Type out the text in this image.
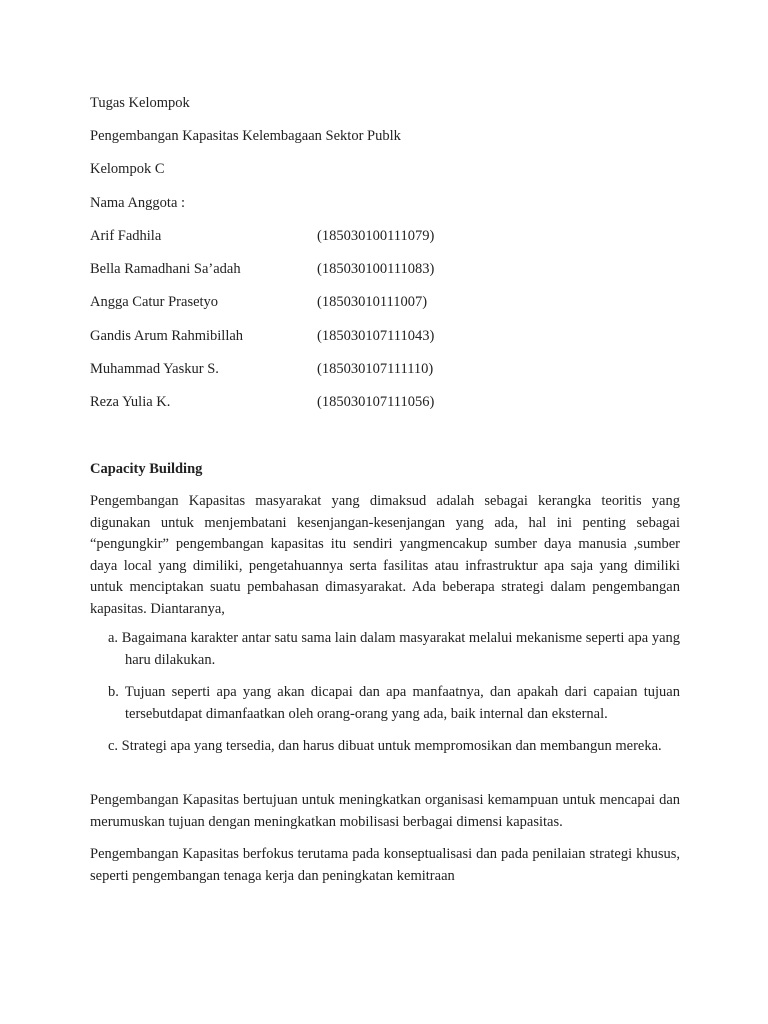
Tugas Kelompok
Pengembangan Kapasitas Kelembagaan Sektor Publk
Kelompok C
Nama Anggota :
Arif Fadhila	(185030100111079)
Bella Ramadhani Sa’adah	(185030100111083)
Angga Catur Prasetyo	(18503010111007)
Gandis Arum Rahmibillah	(185030107111043)
Muhammad Yaskur S.	(185030107111110)
Reza Yulia K.	(185030107111056)
Capacity Building
Pengembangan Kapasitas masyarakat yang dimaksud adalah sebagai kerangka teoritis yang digunakan untuk menjembatani kesenjangan-kesenjangan yang ada, hal ini penting sebagai “pengungkir” pengembangan kapasitas itu sendiri yangmencakup sumber daya manusia ,sumber daya local yang dimiliki, pengetahuannya serta fasilitas atau infrastruktur apa saja yang dimiliki untuk menciptakan suatu pembahasan dimasyarakat. Ada beberapa strategi dalam pengembangan kapasitas. Diantaranya,
a. Bagaimana karakter antar satu sama lain dalam masyarakat melalui mekanisme seperti apa yang haru dilakukan.
b. Tujuan seperti apa yang akan dicapai dan apa manfaatnya, dan apakah dari capaian tujuan tersebutdapat dimanfaatkan oleh orang-orang yang ada, baik internal dan eksternal.
c. Strategi apa yang tersedia, dan harus dibuat untuk mempromosikan dan membangun mereka.
Pengembangan Kapasitas bertujuan untuk meningkatkan organisasi kemampuan untuk mencapai dan merumuskan tujuan dengan meningkatkan mobilisasi berbagai dimensi kapasitas.
Pengembangan Kapasitas berfokus terutama pada konseptualisasi dan pada penilaian strategi khusus, seperti pengembangan tenaga kerja dan peningkatan kemitraan
